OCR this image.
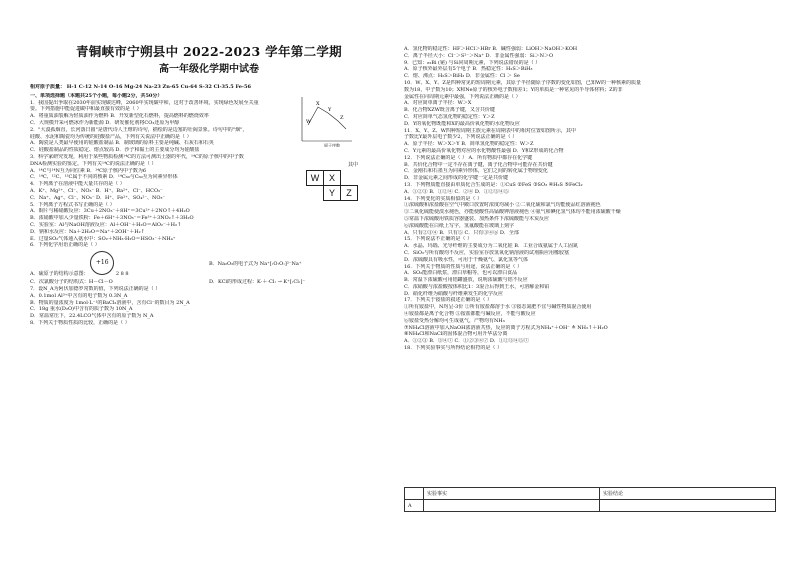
青铜峡市宁朔县中 2022-2023 学年第二学期

高一年级化学期中试卷

相对原子质量： H-1 C-12 N-14 O-16 Mg-24 Na-23 Zn-65 Cu-64 S-32 Cl-35.5 Fe-56
一、单项选择题（本题共25个小题，每小题2分，共50分）
1．我国提出争取在2030年前实现碳达峰，2060年实现碳中和，这对于改善环境，实现绿色发展至关重
要。下列措施中能促进碳中和最直接有效的是（ ）
A．将重质油裂解为轻质油作为燃料 B．开发新型化石燃料，提高燃料的燃烧效率
C．大规模开采可燃冰作为新能源 D．研发催化剂将CO₂还原为甲醇
2．"大漠孤烟直，长河落日圆"是唐代诗人王维的诗句，描绘的是边塞的壮阔景象。诗句中的"烟"，
硅酸、水泥和陶瓷均为传统的硅酸盐产品，下列有关说法中正确的是（ ）
A．陶瓷是人类最早使用的硅酸盐制品 B．制玻璃的原料主要是纯碱、石灰石和石英
C．硅酸盐制品的性质稳定、熔点较高 D．沙子和黏土的主要成分均为硅酸盐
3．科学家研究发现，利用于某些物质检测¹⁴C的方法可测出土器的年代，¹⁴C的原子核中的中子数
DNA检测实验的鉴定。下列有关¹⁴C的说法正确的是（ ）
A．¹⁴C与¹⁴N互为同位素 B．¹⁴C原子核内中子数为6
C．¹⁴C、¹²C、¹³C属于不同的核素 D．¹⁴C₆₀与C₆₀互为同素异形体
4．下列离子在溶液中能大量共存的是（ ）
A．K⁺、Mg²⁺、Cl⁻、NO₃⁻ B．H⁺、Ba²⁺、Cl⁻、HCO₃⁻
C．Na⁺、Ag⁺、Cl⁻、NO₃⁻ D．H⁺、Fe²⁺、SO₄²⁻、NO₃⁻
5．下列离子方程式书写正确的是（ ）
A．铜片与稀硝酸反应：3Cu＋2NO₃⁻＋8H⁺＝3Cu²⁺＋2NO↑＋4H₂O
B．浓硝酸中加入少量铁粉：Fe＋6H⁺＋3NO₃⁻＝Fe³⁺＋3NO₂↑＋3H₂O
C．实验室：Al与NaOH溶液反应：Al＋OH⁻＋H₂O＝AlO₂⁻＋H₂↑
D．钠和水反应：Na＋2H₂O＝Na⁺＋2OH⁻＋H₂↑
E．过量SO₂气体通入氨水中：SO₂＋NH₃·H₂O＝HSO₃⁻＋NH₄⁺
6．下列化学用语正确的是（ ）
A．硫原子的结构示意图： +16 2 8 8
B．Na₂O₂的电子式为 Na⁺[:Ö:Ö:]²⁻Na⁺
C．次氯酸分子的结构式：H－Cl－O	D．KCl的形成过程：K·＋·Cl: → K⁺[:Cl:]⁻
7．设N_A为阿伏加德罗常数的值，下列说法正确的是（ ）
A．0.1mol Al³⁺中含有的电子数为 0.3N_A
B．物质的量浓度为 1mol·L⁻¹的BaCl₂溶液中，含有Cl⁻的数目为 2N_A
C．18g 重水(D₂O)中含有的质子数为 10N_A
D．常温常压下，22.4LCO气体中含有的原子数为 N_A
8．下列关于物质性质的比较，正确的是（ ）
A．氢化物的稳定性：HF＞HCl＞HBr B．碱性强弱：LiOH＞NaOH＞KOH
C．离子半径大小：Cl⁻＞S²⁻＞Na⁺ D．非金属性强弱：Si＞N＞O
9．已知：₈₃Bi (铋) 与Si同周期元素，下列说法错误的是（ ）
A．原子核外最外层有5个电子 B．热稳定性：H₂S＞BiH₃
C．熔、沸点：H₂S＞BiH₃ D．非金属性：Cl ＞ Se
10．W、X、Y、Z是四种常见的短周期元素，其原子半径随原子序数的变化如图，已知W的一种核素的质量
数为18，中子数为10；X和Ne原子的核外电子数相差1；Y的单质是一种常见的半导体材料；Z的非
金属性在同周期元素中最强，下列说法正确的是（ ）
A．对应简单离子半径：W＞X
B．化合物XZW既含离子键，又含共价键
C．对应简单气态氢化物的稳定性：Y＞Z
D．Y的氧化物既能和X的最高价氧化物的水化物反应
11．X、Y、Z、W四种短周期主族元素在周期表中的相对位置如图所示，其中
子数比Y最外层电子数少2，下列说法正确的是（ ）
A．原子半径：W＞X＞Y B．简单氢化物的稳定性：W＞Z
C．Y元素的最高价氧化物对应的水化物酸性最强 D．Y和Z形成的化合物
12．下列说法正确的是（ ） A．所有物质中都存在化学键
B．共价化合物中一定不存在离子键，离子化合物中可能存在共价键
C．金刚石和石墨互为同素异形体，它们之间的转化属于物理变化
D．非金属元素之间形成的化学键一定是共价键
13．下列物质能直接由单质化合生成的是：①CuS ②FeS ③SO₃ ④H₂S ⑤FeCl₂
A．①②③ B．①②④ C．②④ D．①②③④⑤
14．下列变化的实质相似的是（ ）
①浓硫酸和浓盐酸在空气中敞口放置时浓度均减小 ②二氧化硫和氯气均能使品红溶液褪色
③二氧化硫能使溴水褪色，亦能使酸性高锰酸钾溶液褪色 ④氨气和碘化氢气体均不能用浓硫酸干燥
⑤常温下浓硫酸用铁质容器盛装、加热条件下浓硫酸能与木炭反应
⑥浓硫酸能在白纸上写字，氢氟酸能在玻璃上刻字
A．只有②③④ B．只有⑤ C．只有③④⑥ D．全部
15．下列说法不正确的是（ ）
A．水晶、玛瑙、光导纤维的主要成分为二氧化硅 B．工业合成氨属于人工固氮
C．SiO₂与所有酸均不反应，实验室存放氢氧化钠溶液的试剂瓶应用橡胶塞
D．浓硫酸具有吸水性，可用于干燥氨气、氯化氢等气体
16．下列关于物质的性质与用途，说法正确的是（ ）
A．SO₂能漂白纸浆，漂白草帽等，也可以漂白食品
B．常温下浓硫酸可用铝罐盛放，说明浓硫酸与铝不反应
C．浓硝酸与浓盐酸按体积比1：3混合后得到王水，可溶解金和铂
D．硝化纤维为硝酸与纤维素发生的化学反应
17．下列关于铵盐的叙述正确的是（ ）
①所有铵盐中，N均呈-3价 ②所有铵盐都溶于水 ③铵态氮肥不宜与碱性物质混合使用
④铵盐都是离子化合物 ⑤铵盐都能与碱反应，不能与酸反应
⑥铵盐受热分解均可生成氨气，产物均有NH₃
⑦NH₄Cl溶液中加入NaOH浓溶液共热，反应的离子方程式为NH₄⁺＋OH⁻ ≜ NH₃↑＋H₂O
⑧NH₄Cl和NaCl的固体混合物可用升华法分离
A．①②③ B．③④⑦ C．①②③④⑦ D．①②③④⑤⑦
18．下列实验事实与所得结论相符的是（ ）
X
W
Y
Z
原子序数
其中
W	X	
	Y	Z
	实验事实	实验结论
A		
